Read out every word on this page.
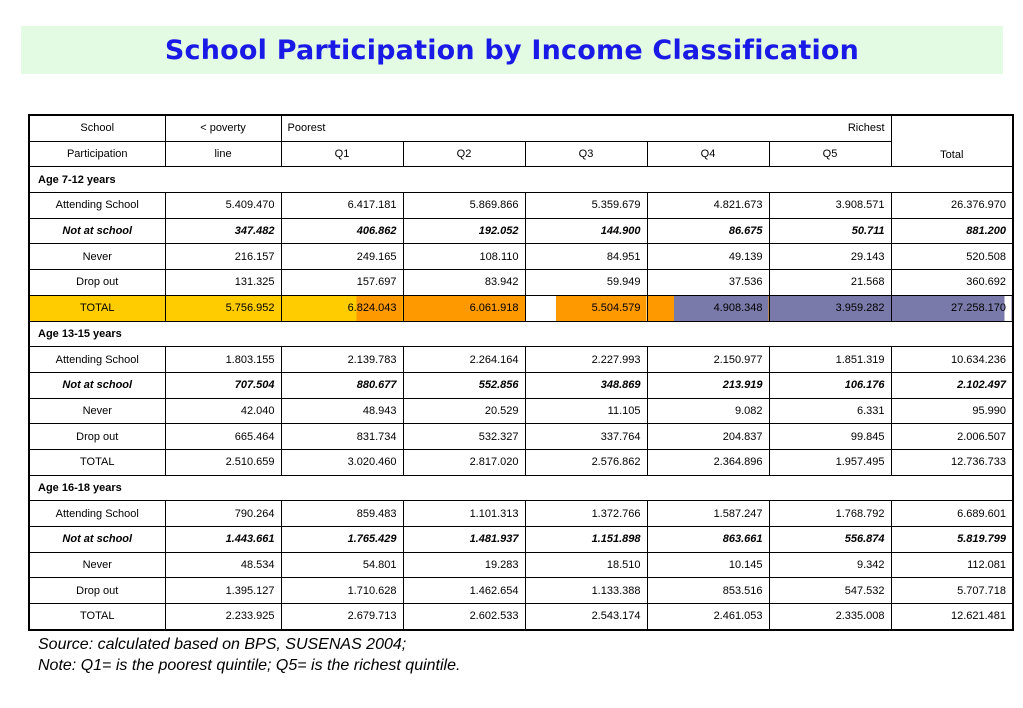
School Participation by Income Classification
School	< poverty	Poorest Richest					Total
Participation	line	Q1	Q2	Q3	Q4	Q5	
Age 7-12 years							
Attending School	5.409.470	6.417.181	5.869.866	5.359.679	4.821.673	3.908.571	26.376.970
Not at school	347.482	406.862	192.052	144.900	86.675	50.711	881.200
Never	216.157	249.165	108.110	84.951	49.139	29.143	520.508
Drop out	131.325	157.697	83.942	59.949	37.536	21.568	360.692
TOTAL	5.756.952	6.824.043	6.061.918	5.504.579	4.908.348	3.959.282	27.258.170
Age 13-15 years							
Attending School	1.803.155	2.139.783	2.264.164	2.227.993	2.150.977	1.851.319	10.634.236
Not at school	707.504	880.677	552.856	348.869	213.919	106.176	2.102.497
Never	42.040	48.943	20.529	11.105	9.082	6.331	95.990
Drop out	665.464	831.734	532.327	337.764	204.837	99.845	2.006.507
TOTAL	2.510.659	3.020.460	2.817.020	2.576.862	2.364.896	1.957.495	12.736.733
Age 16-18 years							
Attending School	790.264	859.483	1.101.313	1.372.766	1.587.247	1.768.792	6.689.601
Not at school	1.443.661	1.765.429	1.481.937	1.151.898	863.661	556.874	5.819.799
Never	48.534	54.801	19.283	18.510	10.145	9.342	112.081
Drop out	1.395.127	1.710.628	1.462.654	1.133.388	853.516	547.532	5.707.718
TOTAL	2.233.925	2.679.713	2.602.533	2.543.174	2.461.053	2.335.008	12.621.481
Source: calculated based on BPS, SUSENAS 2004;
Note: Q1= is the poorest quintile; Q5= is the richest quintile.
